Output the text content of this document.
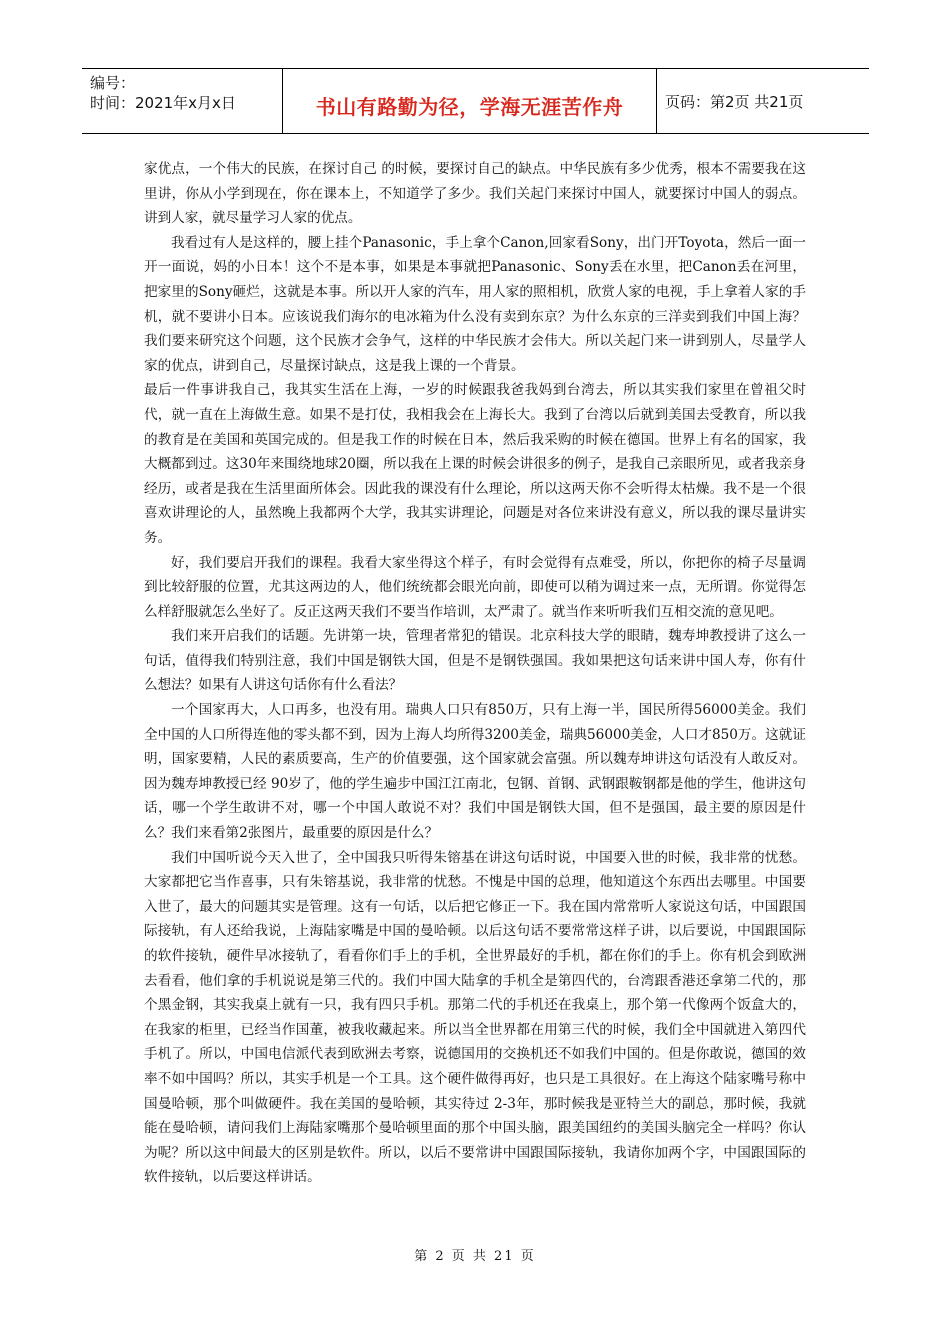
编号：
时间：2021年x月x日	书山有路勤为径，学海无涯苦作舟	页码：第2页 共21页

家优点，一个伟大的民族，在探讨自己 的时候，要探讨自己的缺点。中华民族有多少优秀，根本不需要我在这里讲，你从小学到现在，你在课本上，不知道学了多少。我们关起门来探讨中国人，就要探讨中国人的弱点。讲到人家，就尽量学习人家的优点。

我看过有人是这样的，腰上挂个Panasonic，手上拿个Canon,回家看Sony，出门开Toyota，然后一面一开一面说，妈的小日本！这个不是本事，如果是本事就把Panasonic、Sony丢在水里，把Canon丢在河里，把家里的Sony砸烂，这就是本事。所以开人家的汽车，用人家的照相机，欣赏人家的电视，手上拿着人家的手机，就不要讲小日本。应该说我们海尔的电冰箱为什么没有卖到东京？为什么东京的三洋卖到我们中国上海？我们要来研究这个问题，这个民族才会争气，这样的中华民族才会伟大。所以关起门来一讲到别人，尽量学人家的优点，讲到自己，尽量探讨缺点，这是我上课的一个背景。

最后一件事讲我自己，我其实生活在上海，一岁的时候跟我爸我妈到台湾去，所以其实我们家里在曾祖父时代，就一直在上海做生意。如果不是打仗，我相我会在上海长大。我到了台湾以后就到美国去受教育，所以我的教育是在美国和英国完成的。但是我工作的时候在日本，然后我采购的时候在德国。世界上有名的国家，我大概都到过。这30年来围绕地球20圈，所以我在上课的时候会讲很多的例子，是我自己亲眼所见，或者我亲身经历，或者是我在生活里面所体会。因此我的课没有什么理论，所以这两天你不会听得太枯燥。我不是一个很喜欢讲理论的人，虽然晚上我都两个大学，我其实讲理论，问题是对各位来讲没有意义，所以我的课尽量讲实务。

好，我们要启开我们的课程。我看大家坐得这个样子，有时会觉得有点难受，所以，你把你的椅子尽量调到比较舒服的位置，尤其这两边的人，他们统统都会眼光向前，即使可以稍为调过来一点，无所谓。你觉得怎么样舒服就怎么坐好了。反正这两天我们不要当作培训，太严肃了。就当作来听听我们互相交流的意见吧。

我们来开启我们的话题。先讲第一块，管理者常犯的错误。北京科技大学的眼睛，魏寿坤教授讲了这么一句话，值得我们特别注意，我们中国是钢铁大国，但是不是钢铁强国。我如果把这句话来讲中国人寿，你有什么想法？如果有人讲这句话你有什么看法？

一个国家再大，人口再多，也没有用。瑞典人口只有850万，只有上海一半，国民所得56000美金。我们全中国的人口所得连他的零头都不到，因为上海人均所得3200美金，瑞典56000美金，人口才850万。这就证明，国家要精，人民的素质要高，生产的价值要强，这个国家就会富强。所以魏寿坤讲这句话没有人敢反对。因为魏寿坤教授已经 90岁了，他的学生遍步中国江江南北，包钢、首钢、武钢跟鞍钢都是他的学生，他讲这句话，哪一个学生敢讲不对，哪一个中国人敢说不对？我们中国是钢铁大国，但不是强国，最主要的原因是什么？我们来看第2张图片，最重要的原因是什么？

我们中国听说今天入世了，全中国我只听得朱镕基在讲这句话时说，中国要入世的时候，我非常的忧愁。大家都把它当作喜事，只有朱镕基说，我非常的忧愁。不愧是中国的总理，他知道这个东西出去哪里。中国要入世了，最大的问题其实是管理。这有一句话，以后把它修正一下。我在国内常常听人家说这句话，中国跟国际接轨，有人还给我说，上海陆家嘴是中国的曼哈顿。以后这句话不要常常这样子讲，以后要说，中国跟国际的软件接轨，硬件早冰接轨了，看看你们手上的手机，全世界最好的手机，都在你们的手上。你有机会到欧洲去看看，他们拿的手机说说是第三代的。我们中国大陆拿的手机全是第四代的，台湾跟香港还拿第二代的，那个黑金钢，其实我桌上就有一只，我有四只手机。那第二代的手机还在我桌上，那个第一代像两个饭盒大的，在我家的柜里，已经当作国董，被我收藏起来。所以当全世界都在用第三代的时候，我们全中国就进入第四代手机了。所以，中国电信派代表到欧洲去考察，说德国用的交换机还不如我们中国的。但是你敢说，德国的效率不如中国吗？所以，其实手机是一个工具。这个硬件做得再好，也只是工具很好。在上海这个陆家嘴号称中国曼哈顿，那个叫做硬件。我在美国的曼哈顿，其实待过 2-3年，那时候我是亚特兰大的副总，那时候，我就能在曼哈顿，请问我们上海陆家嘴那个曼哈顿里面的那个中国头脑，跟美国纽约的美国头脑完全一样吗？你认为呢？所以这中间最大的区别是软件。所以，以后不要常讲中国跟国际接轨，我请你加两个字，中国跟国际的软件接轨，以后要这样讲话。

第 2 页 共 21 页
